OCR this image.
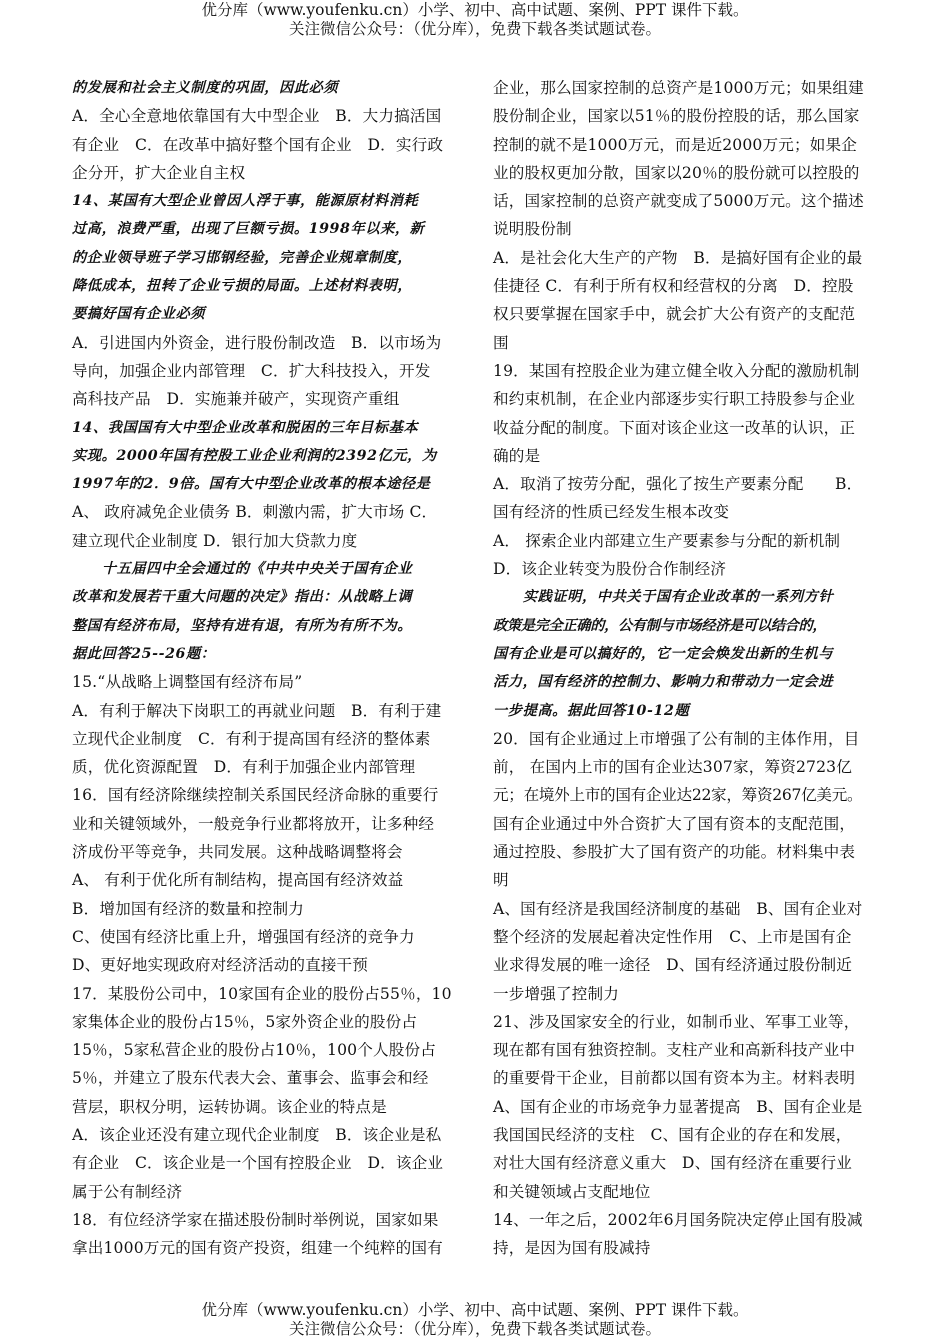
优分库（www.youfenku.cn）小学、初中、高中试题、案例、PPT 课件下载。
关注微信公众号：（优分库），免费下载各类试题试卷。
的发展和社会主义制度的巩固，因此必须
A．全心全意地依靠国有大中型企业　B．大力搞活国
有企业　C．在改革中搞好整个国有企业　D．实行政
企分开，扩大企业自主权
14、某国有大型企业曾因人浮于事，能源原材料消耗
过高，浪费严重，出现了巨额亏损。1998年以来，新
的企业领导班子学习邯钢经验，完善企业规章制度，
降低成本，扭转了企业亏损的局面。上述材料表明，
要搞好国有企业必须
A．引进国内外资金，进行股份制改造　B．以市场为
导向，加强企业内部管理　C．扩大科技投入，开发
高科技产品　D．实施兼并破产，实现资产重组
14、我国国有大中型企业改革和脱困的三年目标基本
实现。2000年国有控股工业企业利润的2392亿元，为
1997年的2．9倍。国有大中型企业改革的根本途径是
A、 政府减免企业债务 B．刺激内需，扩大市场 C．
建立现代企业制度 D．银行加大贷款力度
十五届四中全会通过的《中共中央关于国有企业
改革和发展若干重大问题的决定》指出：从战略上调
整国有经济布局，坚持有进有退，有所为有所不为。
据此回答25--26题：
15.“从战略上调整国有经济布局”
A．有利于解决下岗职工的再就业问题　B．有利于建
立现代企业制度　C．有利于提高国有经济的整体素
质，优化资源配置　D．有利于加强企业内部管理
16．国有经济除继续控制关系国民经济命脉的重要行
业和关键领域外，一般竞争行业都将放开，让多种经
济成份平等竞争，共同发展。这种战略调整将会
A、 有利于优化所有制结构，提高国有经济效益
B．增加国有经济的数量和控制力
C、使国有经济比重上升，增强国有经济的竞争力
D、更好地实现政府对经济活动的直接干预
17．某股份公司中，10家国有企业的股份占55％，10
家集体企业的股份占15％，5家外资企业的股份占
15％，5家私营企业的股份占10％，100个人股份占
5％，并建立了股东代表大会、董事会、监事会和经
营层，职权分明，运转协调。该企业的特点是
A．该企业还没有建立现代企业制度　B．该企业是私
有企业　C．该企业是一个国有控股企业　D．该企业
属于公有制经济
18．有位经济学家在描述股份制时举例说，国家如果
拿出1000万元的国有资产投资，组建一个纯粹的国有
企业，那么国家控制的总资产是1000万元；如果组建
股份制企业，国家以51％的股份控股的话，那么国家
控制的就不是1000万元，而是近2000万元；如果企
业的股权更加分散，国家以20％的股份就可以控股的
话，国家控制的总资产就变成了5000万元。这个描述
说明股份制
A．是社会化大生产的产物　B．是搞好国有企业的最
佳捷径 C．有利于所有权和经营权的分离　D．控股
权只要掌握在国家手中，就会扩大公有资产的支配范
围
19．某国有控股企业为建立健全收入分配的激励机制
和约束机制，在企业内部逐步实行职工持股参与企业
收益分配的制度。下面对该企业这一改革的认识，正
确的是
A．取消了按劳分配，强化了按生产要素分配　　B．
国有经济的性质已经发生根本改变
A． 探索企业内部建立生产要素参与分配的新机制
D．该企业转变为股份合作制经济
实践证明，中共关于国有企业改革的一系列方针
政策是完全正确的，公有制与市场经济是可以结合的，
国有企业是可以搞好的，它一定会焕发出新的生机与
活力，国有经济的控制力、影响力和带动力一定会进
一步提高。据此回答10-12题
20．国有企业通过上市增强了公有制的主体作用，目
前， 在国内上市的国有企业达307家，筹资2723亿
元；在境外上市的国有企业达22家，筹资267亿美元。
国有企业通过中外合资扩大了国有资本的支配范围，
通过控股、参股扩大了国有资产的功能。材料集中表
明
A、国有经济是我国经济制度的基础　B、国有企业对
整个经济的发展起着决定性作用　C、上市是国有企
业求得发展的唯一途径　D、国有经济通过股份制近
一步增强了控制力
21、涉及国家安全的行业，如制币业、军事工业等，
现在都有国有独资控制。支柱产业和高新科技产业中
的重要骨干企业，目前都以国有资本为主。材料表明
A、国有企业的市场竞争力显著提高　B、国有企业是
我国国民经济的支柱　C、国有企业的存在和发展，
对壮大国有经济意义重大　D、国有经济在重要行业
和关键领域占支配地位
14、一年之后，2002年6月国务院决定停止国有股减
持，是因为国有股减持
优分库（www.youfenku.cn）小学、初中、高中试题、案例、PPT 课件下载。
关注微信公众号：（优分库），免费下载各类试题试卷。
